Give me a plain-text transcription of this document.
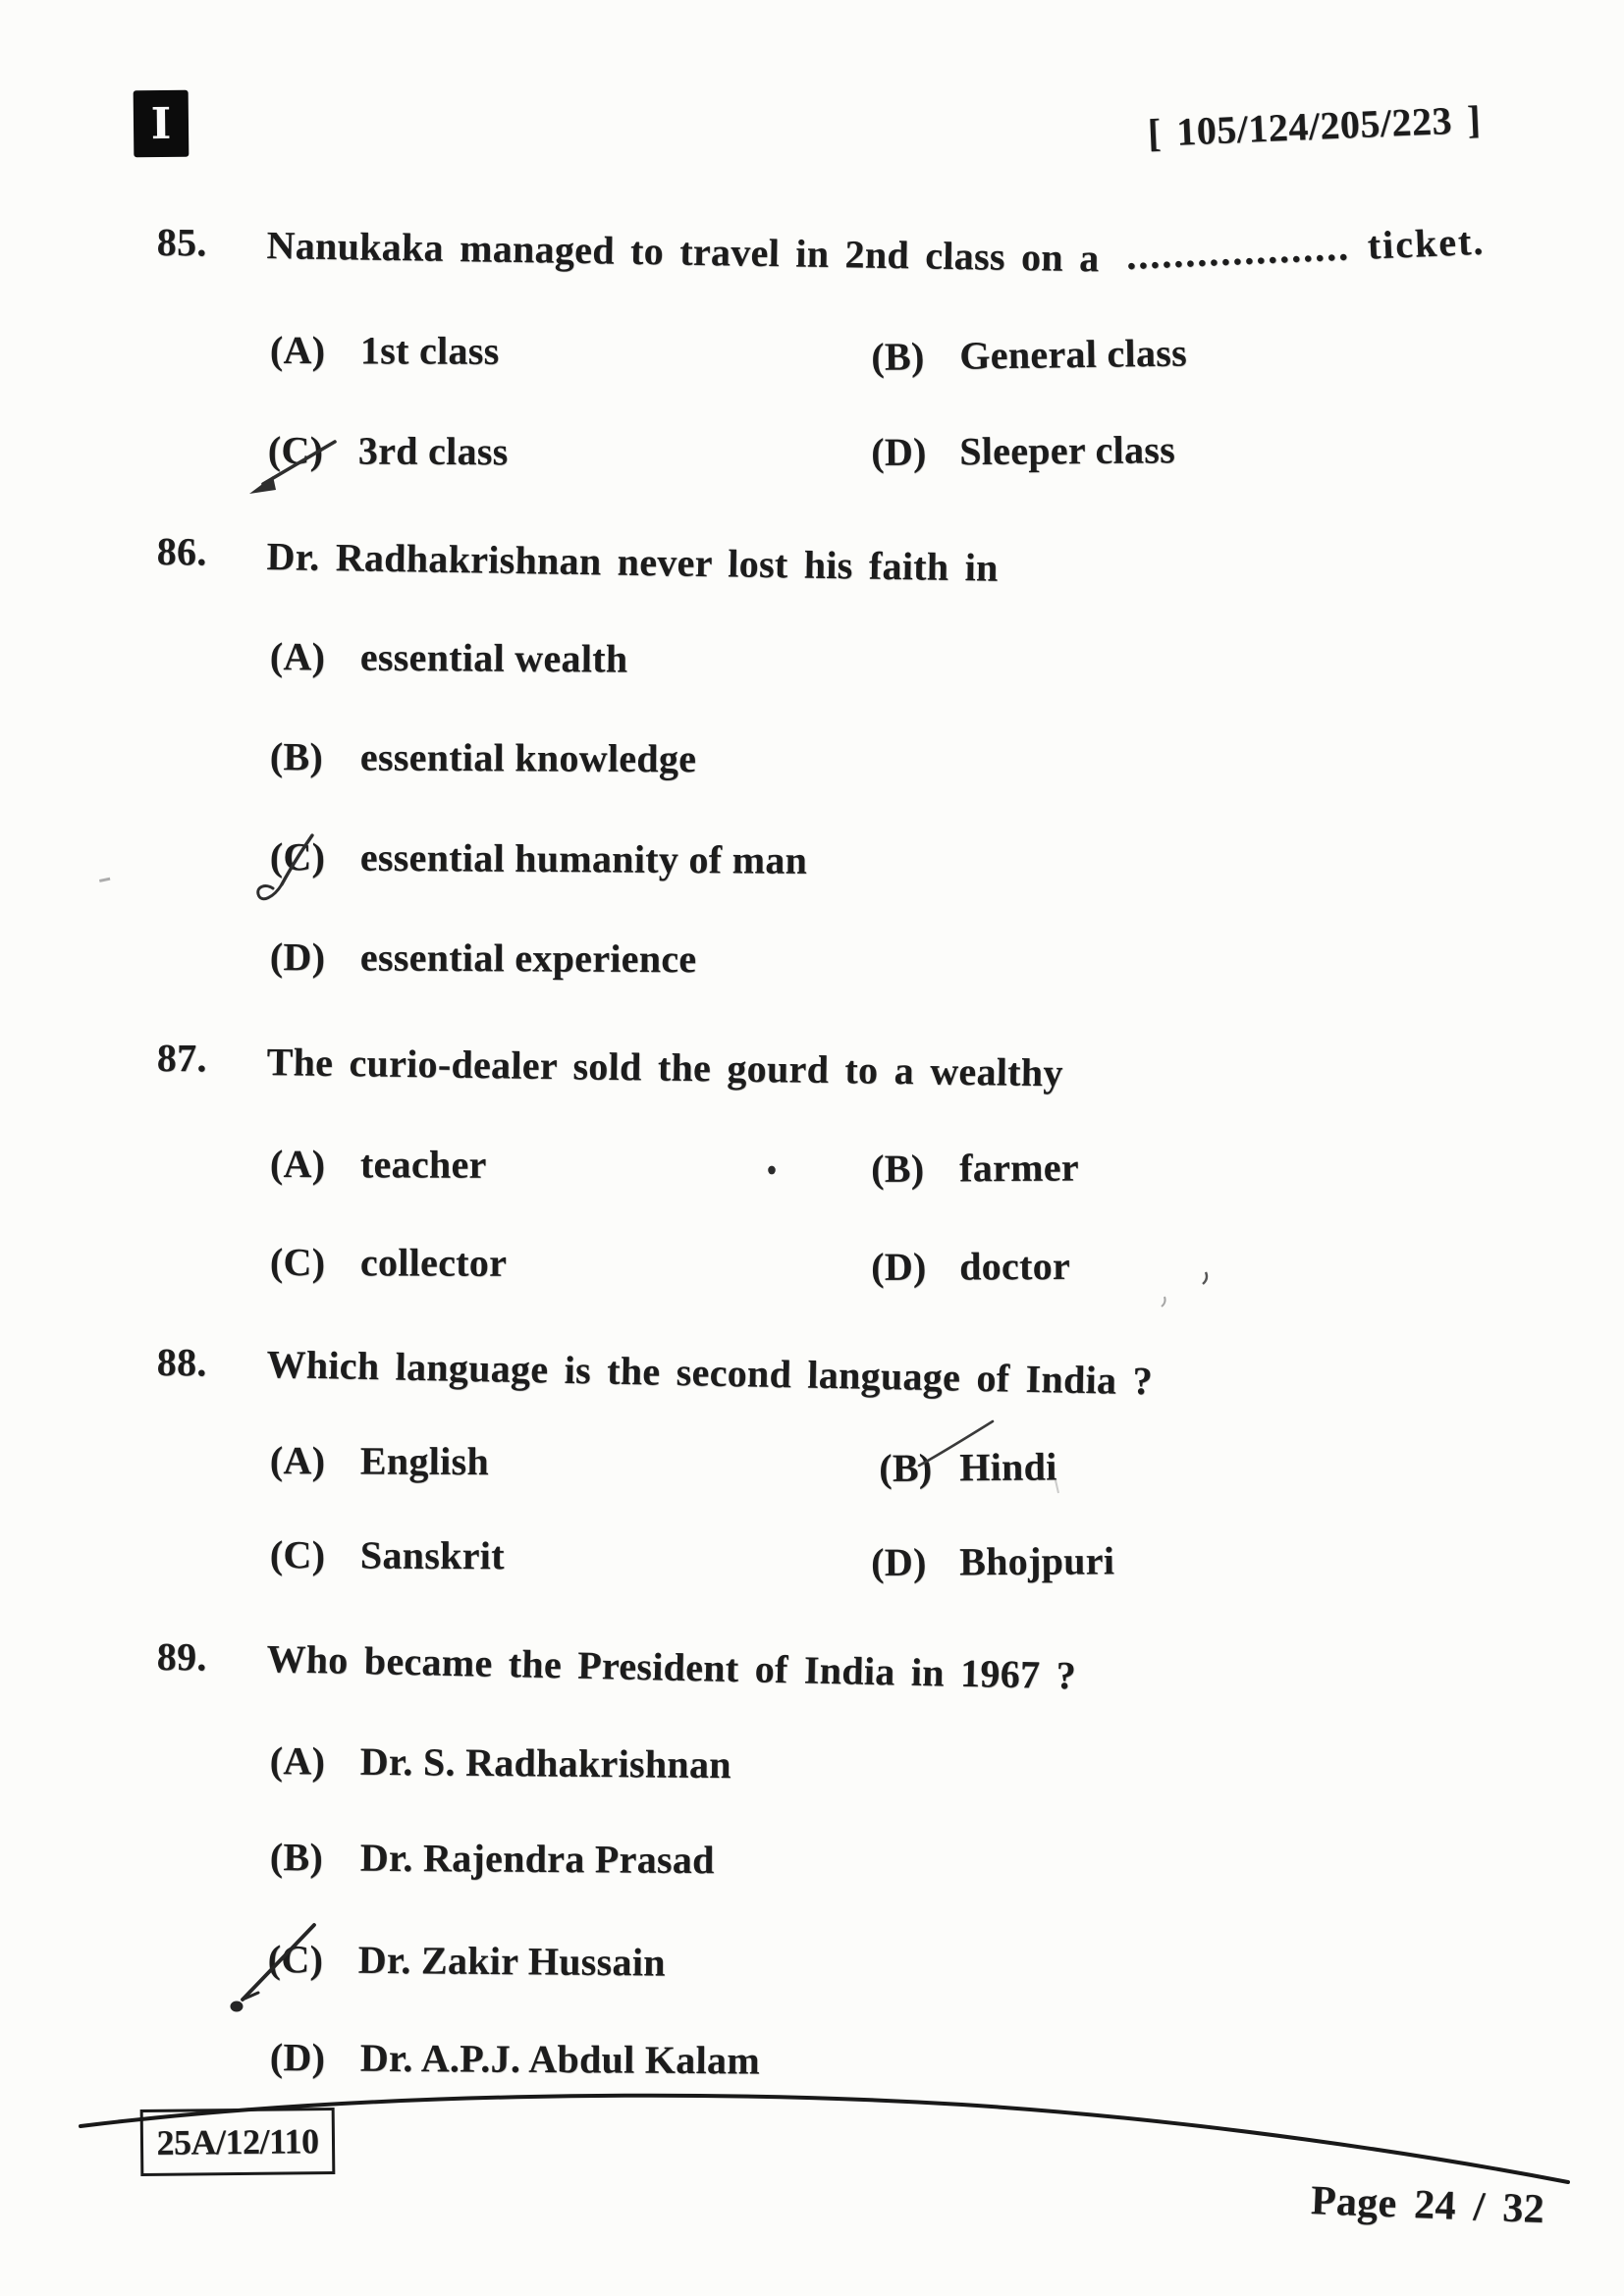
I	[ 105/124/205/223 ]
85. Nanukaka managed to travel in 2nd class on a ................... ticket.
(A) 1st class	(B) General class
(C) 3rd class	(D) Sleeper class
86. Dr. Radhakrishnan never lost his faith in
(A) essential wealth
(B) essential knowledge
(C) essential humanity of man
(D) essential experience
87. The curio-dealer sold the gourd to a wealthy
(A) teacher	(B) farmer
(C) collector	(D) doctor
88. Which language is the second language of India ?
(A) English	(B) Hindi
(C) Sanskrit	(D) Bhojpuri
89. Who became the President of India in 1967 ?
(A) Dr. S. Radhakrishnan
(B) Dr. Rajendra Prasad
(C) Dr. Zakir Hussain
(D) Dr. A.P.J. Abdul Kalam
25A/12/110
Page 24 / 32
